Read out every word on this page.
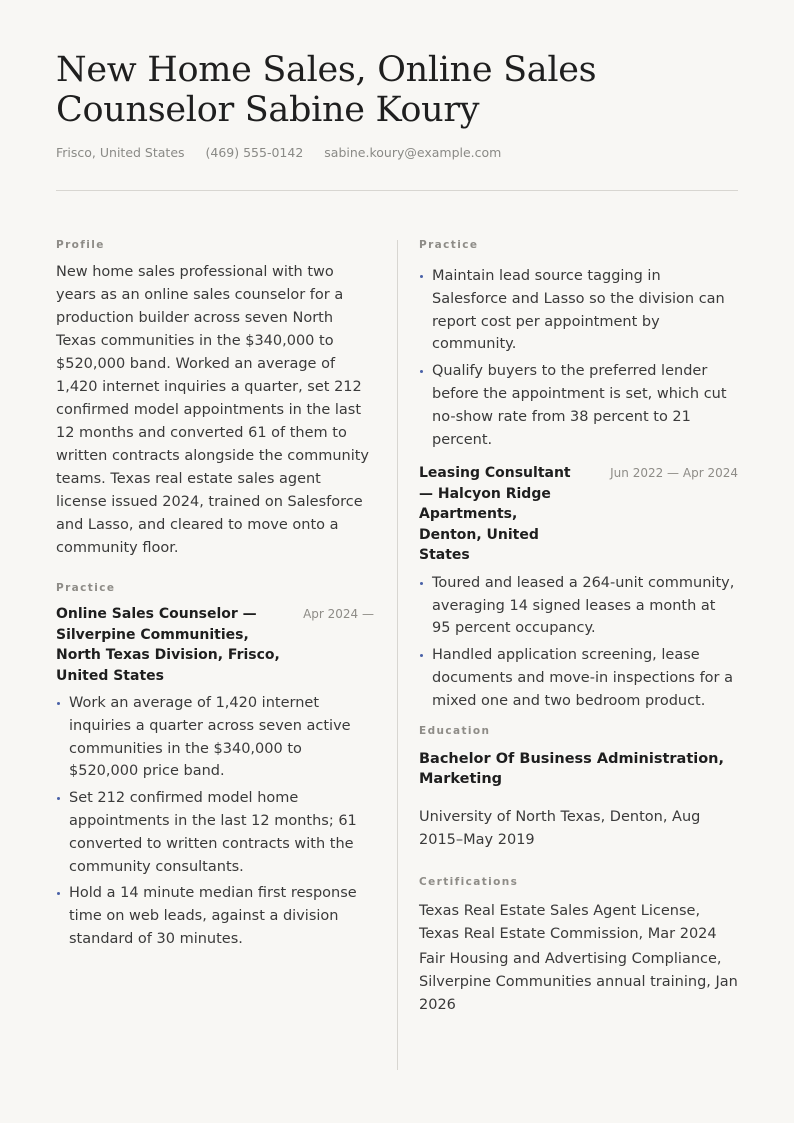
New Home Sales, Online Sales
Counselor Sabine Koury
Frisco, United States (469) 555-0142 sabine.koury@example.com
Profile

New home sales professional with two years as an online sales counselor for a production builder across seven North Texas communities in the $340,000 to $520,000 band. Worked an average of 1,420 internet inquiries a quarter, set 212 confirmed model appointments in the last 12 months and converted 61 of them to written contracts alongside the community teams. Texas real estate sales agent license issued 2024, trained on Salesforce and Lasso, and cleared to move onto a community floor.

Practice
Online Sales Counselor — Silverpine Communities, North Texas Division, Frisco, United States
Apr 2024 —
Work an average of 1,420 internet inquiries a quarter across seven active communities in the $340,000 to $520,000 price band.
Set 212 confirmed model home appointments in the last 12 months; 61 converted to written contracts with the community consultants.
Hold a 14 minute median first response time on web leads, against a division standard of 30 minutes.
Practice
Maintain lead source tagging in Salesforce and Lasso so the division can report cost per appointment by community.
Qualify buyers to the preferred lender before the appointment is set, which cut no-show rate from 38 percent to 21 percent.
Leasing Consultant — Halcyon Ridge Apartments, Denton, United States
Jun 2022 — Apr 2024
Toured and leased a 264-unit community, averaging 14 signed leases a month at 95 percent occupancy.
Handled application screening, lease documents and move-in inspections for a mixed one and two bedroom product.
Education
Bachelor Of Business Administration, Marketing

University of North Texas, Denton, Aug 2015–May 2019

Certifications

Texas Real Estate Sales Agent License, Texas Real Estate Commission, Mar 2024

Fair Housing and Advertising Compliance, Silverpine Communities annual training, Jan 2026
